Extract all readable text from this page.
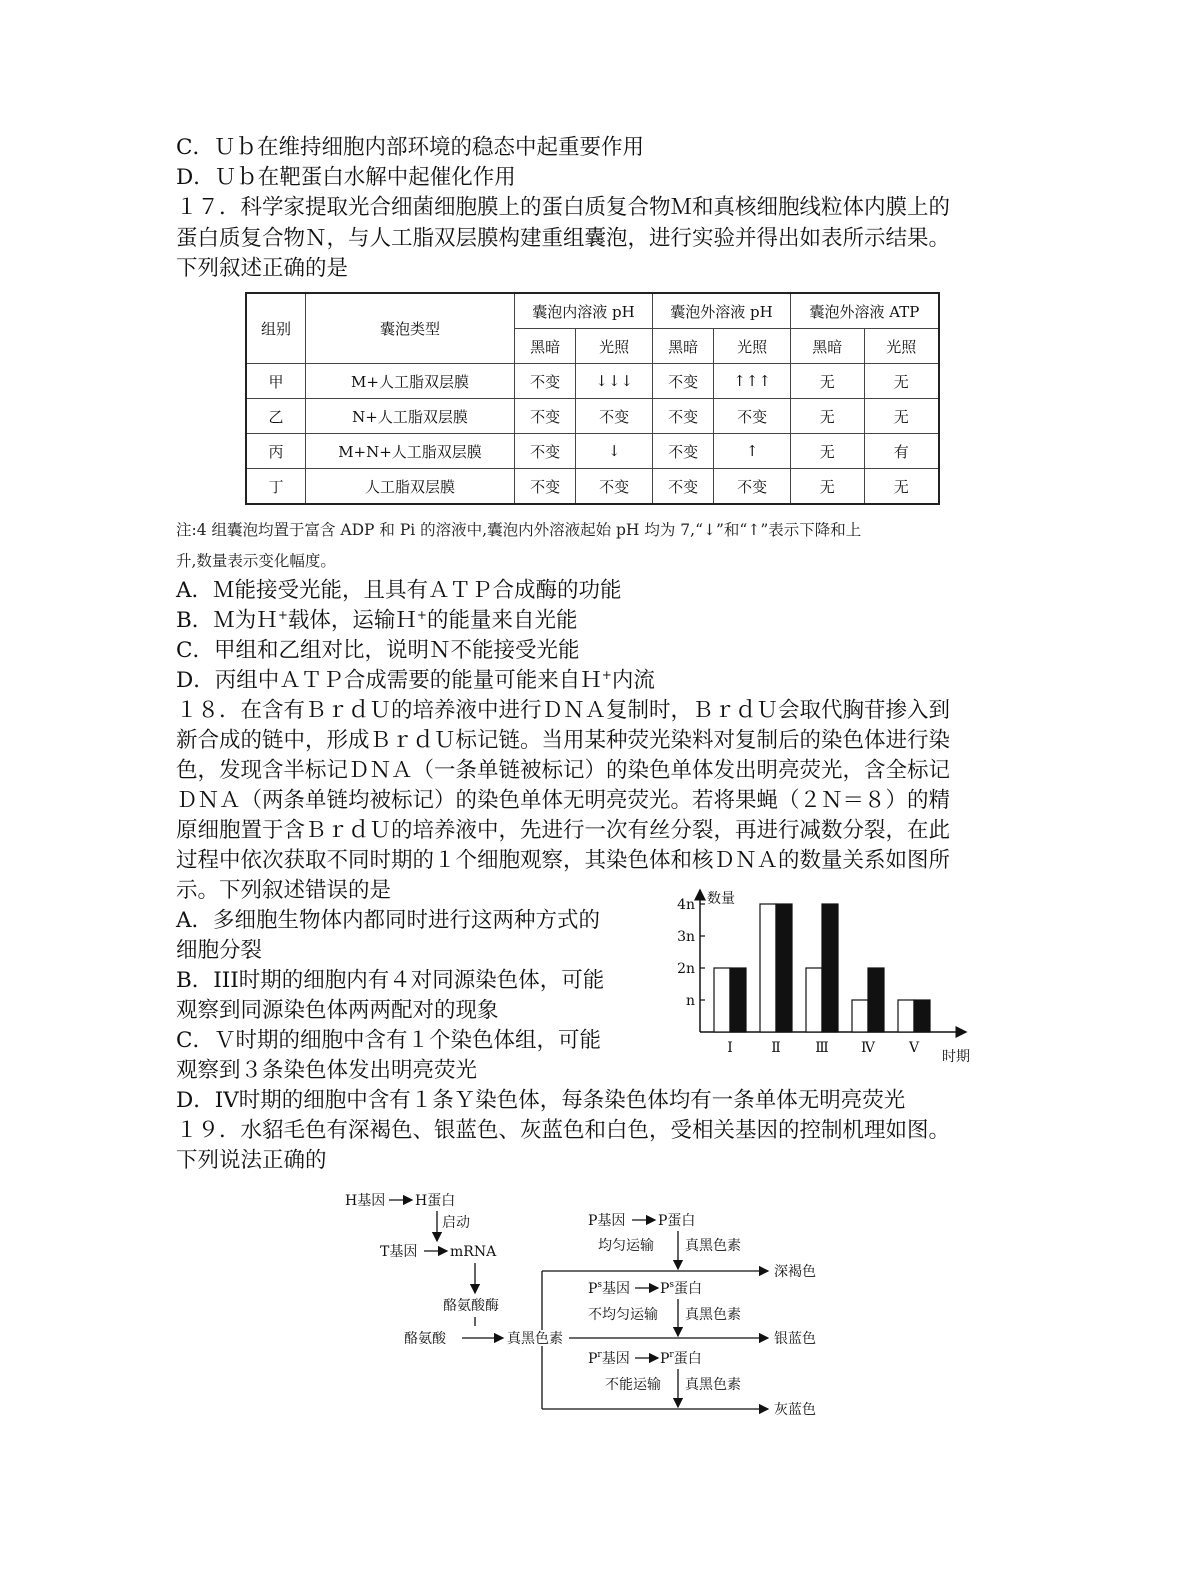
C．Ｕｂ在维持细胞内部环境的稳态中起重要作用
D．Ｕｂ在靶蛋白水解中起催化作用
１７．科学家提取光合细菌细胞膜上的蛋白质复合物Ｍ和真核细胞线粒体内膜上的
蛋白质复合物Ｎ，与人工脂双层膜构建重组囊泡，进行实验并得出如表所示结果。
下列叙述正确的是
组别	囊泡类型	囊泡内溶液 pH		囊泡外溶液 pH		囊泡外溶液 ATP	
		黑暗	光照	黑暗	光照	黑暗	光照
甲	M+人工脂双层膜	不变	↓↓↓	不变	↑↑↑	无	无
乙	N+人工脂双层膜	不变	不变	不变	不变	无	无
丙	M+N+人工脂双层膜	不变	↓	不变	↑	无	有
丁	人工脂双层膜	不变	不变	不变	不变	无	无
注:4 组囊泡均置于富含 ADP 和 Pi 的溶液中,囊泡内外溶液起始 pH 均为 7,“↓”和“↑”表示下降和上
升,数量表示变化幅度。
A．Ｍ能接受光能，且具有ＡＴＰ合成酶的功能
B．Ｍ为Ｈ+载体，运输Ｈ+的能量来自光能
C．甲组和乙组对比，说明Ｎ不能接受光能
D．丙组中ＡＴＰ合成需要的能量可能来自Ｈ+内流
１８．在含有ＢｒｄＵ的培养液中进行ＤＮＡ复制时，ＢｒｄＵ会取代胸苷掺入到
新合成的链中，形成ＢｒｄＵ标记链。当用某种荧光染料对复制后的染色体进行染
色，发现含半标记ＤＮＡ（一条单链被标记）的染色单体发出明亮荧光，含全标记
ＤＮＡ（两条单链均被标记）的染色单体无明亮荧光。若将果蝇（２Ｎ＝８）的精
原细胞置于含ＢｒｄＵ的培养液中，先进行一次有丝分裂，再进行减数分裂，在此
过程中依次获取不同时期的１个细胞观察，其染色体和核ＤＮＡ的数量关系如图所
示。下列叙述错误的是
A．多细胞生物体内都同时进行这两种方式的
细胞分裂
B．III时期的细胞内有４对同源染色体，可能
观察到同源染色体两两配对的现象
C．Ｖ时期的细胞中含有１个染色体组，可能
观察到３条染色体发出明亮荧光
D．IV时期的细胞中含有１条Ｙ染色体，每条染色体均有一条单体无明亮荧光
１９．水貂毛色有深褐色、银蓝色、灰蓝色和白色，受相关基因的控制机理如图。
下列说法正确的
数量
时期
n
2n
3n
4n
Ⅰ	Ⅱ Ⅲ Ⅳ Ⅴ
H基因 H蛋白
启动
T基因 mRNA
酪氨酸酶
酪氨酸	真黑色素
P基因 P蛋白
均匀运输 真黑色素
深褐色
$P^s$基因 $P^s$蛋白
不均匀运输 真黑色素
银蓝色
$P^r$基因 $P^r$蛋白
不能运输 真黑色素
灰蓝色
